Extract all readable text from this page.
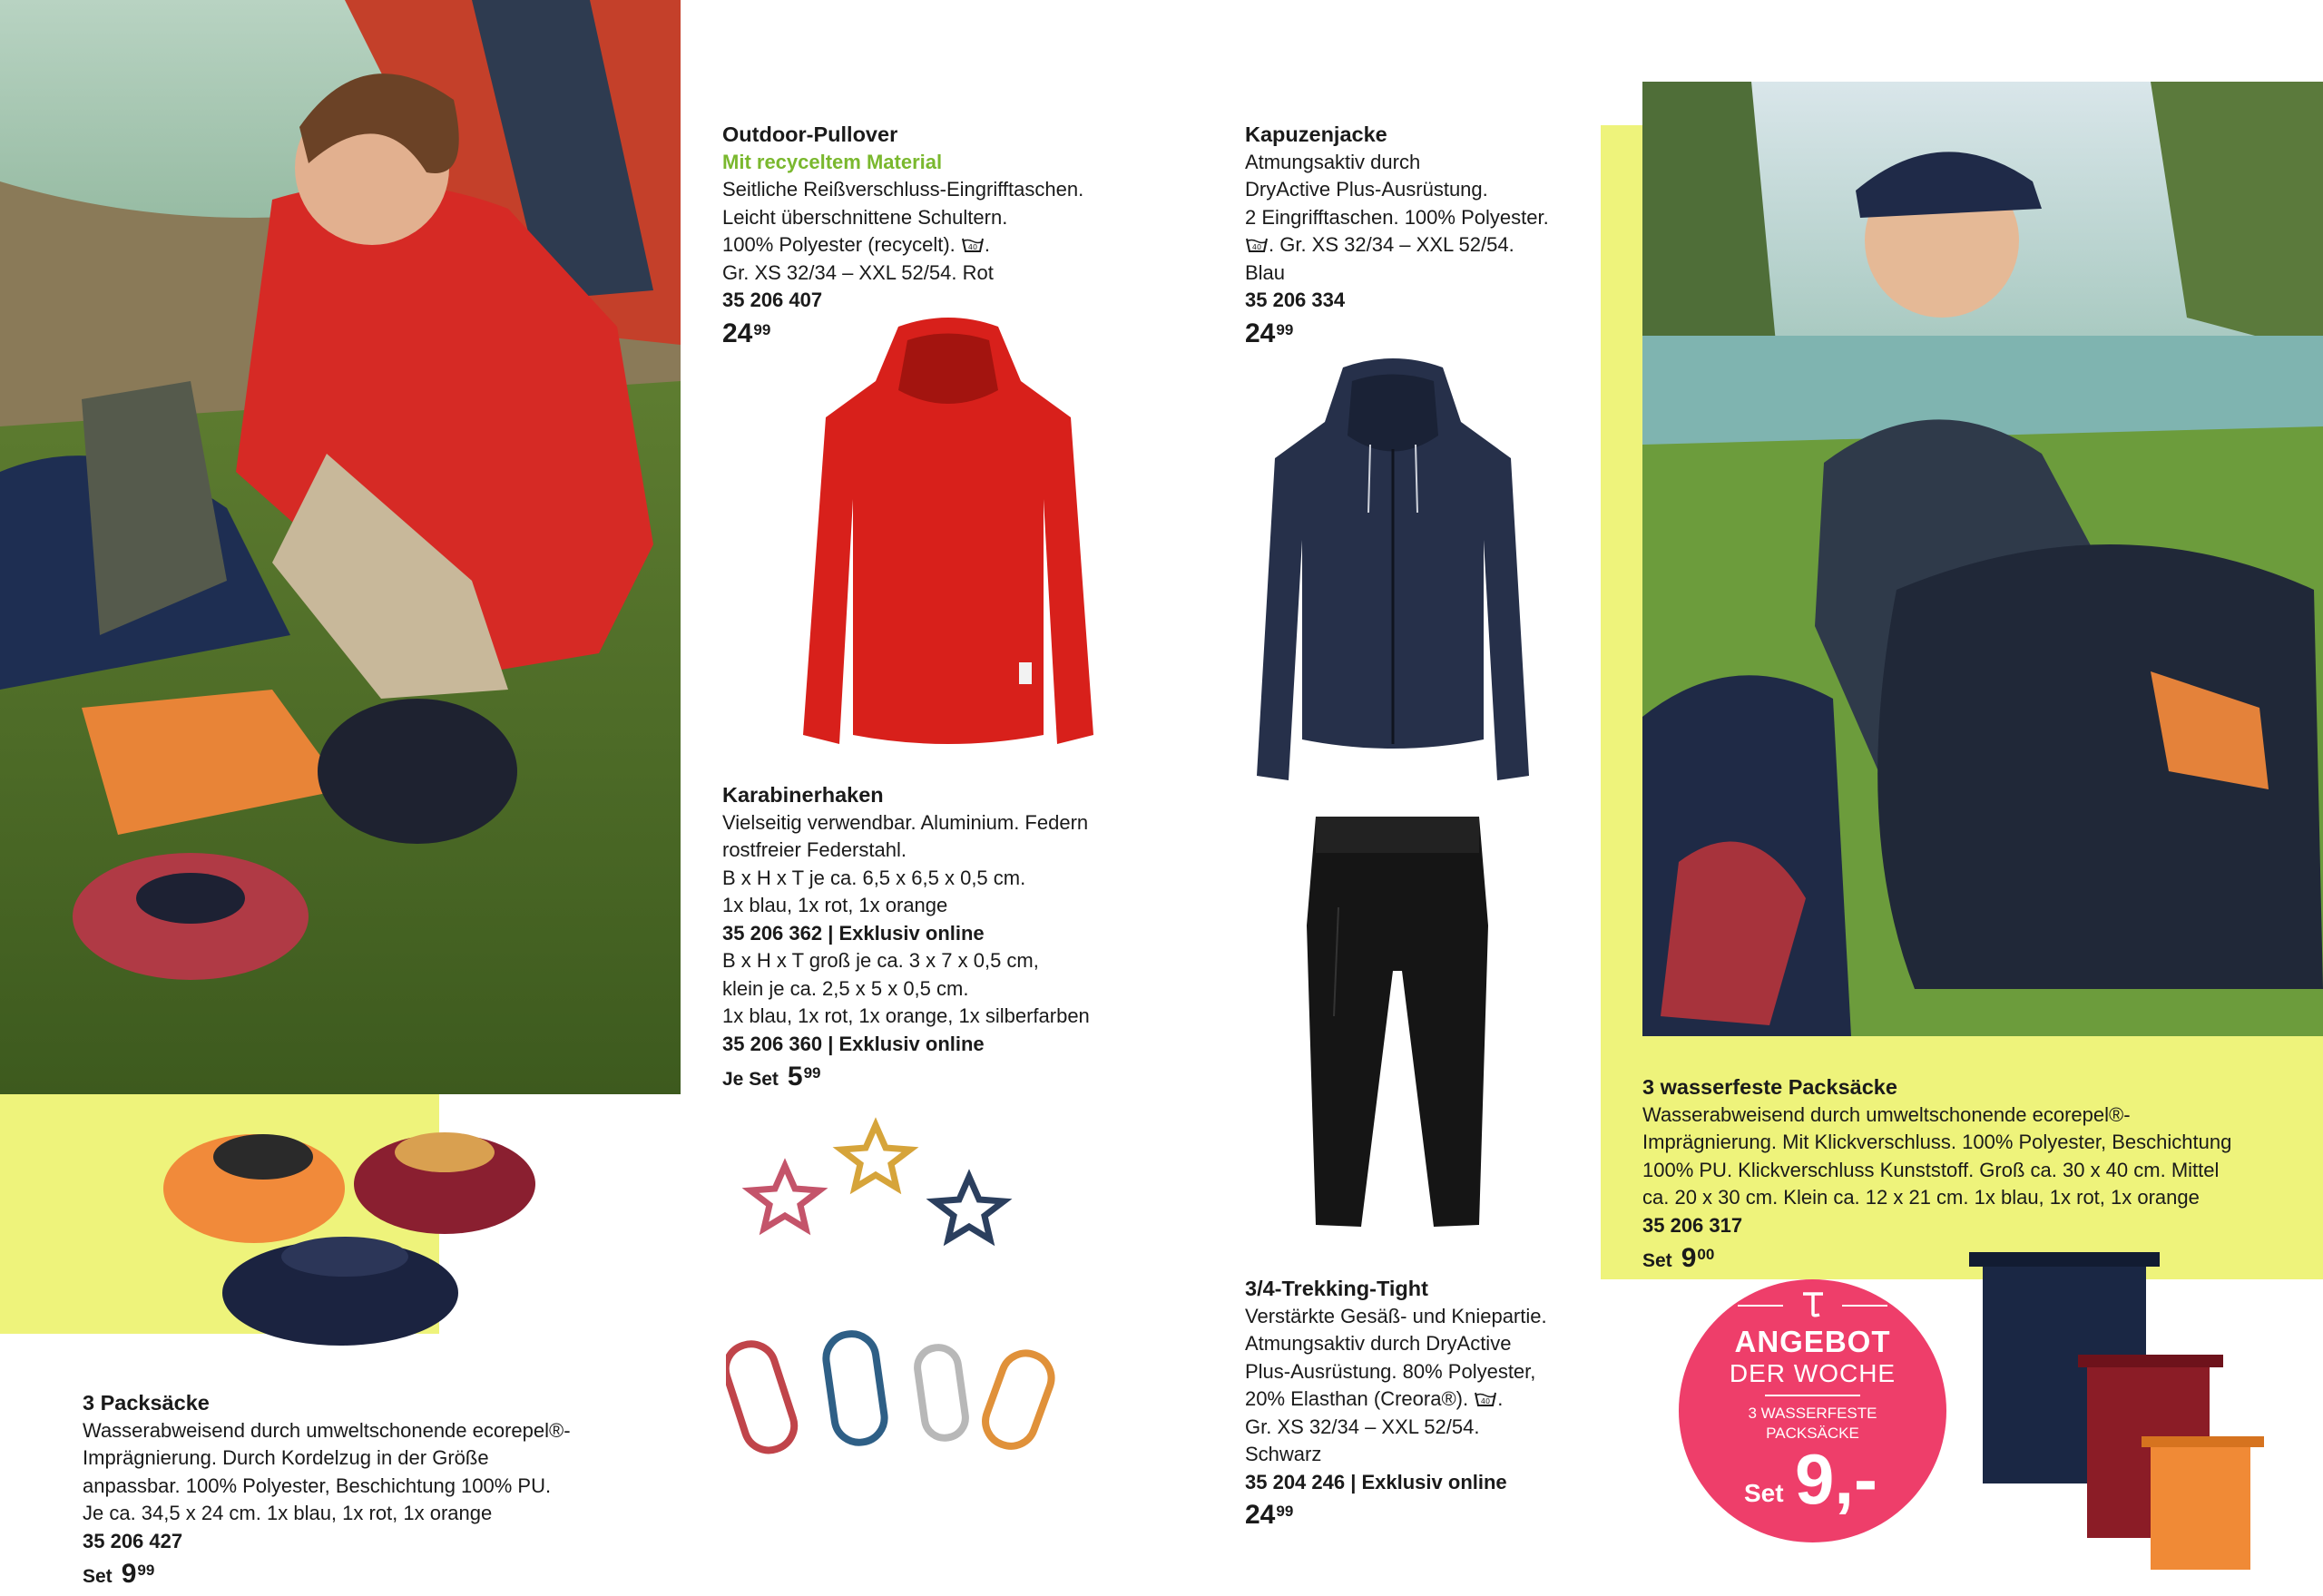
3 Packsäcke
Wasserabweisend durch umweltschonende ecorepel®-
Imprägnierung. Durch Kordelzug in der Größe
anpassbar. 100% Polyester, Beschichtung 100% PU.
Je ca. 34,5 x 24 cm. 1x blau, 1x rot, 1x orange
35 206 427
Set $9^{99}$
Outdoor-Pullover
Mit recyceltem Material
Seitliche Reißverschluss-Eingrifftaschen.
Leicht überschnittene Schultern.
100% Polyester (recycelt). 40 .
Gr. XS 32/34 – XXL 52/54. Rot
35 206 407
$24^{99}$
Karabinerhaken
Vielseitig verwendbar. Aluminium. Federn
rostfreier Federstahl.
B x H x T je ca. 6,5 x 6,5 x 0,5 cm.
1x blau, 1x rot, 1x orange
35 206 362 | Exklusiv online
B x H x T groß je ca. 3 x 7 x 0,5 cm,
klein je ca. 2,5 x 5 x 0,5 cm.
1x blau, 1x rot, 1x orange, 1x silberfarben
35 206 360 | Exklusiv online
Je Set $5^{99}$
Kapuzenjacke
Atmungsaktiv durch
DryActive Plus-Ausrüstung.
2 Eingrifftaschen. 100% Polyester.
40 . Gr. XS 32/34 – XXL 52/54.
Blau
35 206 334
$24^{99}$
3/4-Trekking-Tight
Verstärkte Gesäß- und Kniepartie.
Atmungsaktiv durch DryActive
Plus-Ausrüstung. 80% Polyester,
20% Elasthan (Creora®). 40 .
Gr. XS 32/34 – XXL 52/54.
Schwarz
35 204 246 | Exklusiv online
$24^{99}$
3 wasserfeste Packsäcke
Wasserabweisend durch umweltschonende ecorepel®-
Imprägnierung. Mit Klickverschluss. 100% Polyester, Beschichtung
100% PU. Klickverschluss Kunststoff. Groß ca. 30 x 40 cm. Mittel
ca. 20 x 30 cm. Klein ca. 12 x 21 cm. 1x blau, 1x rot, 1x orange
35 206 317
Set $9^{00}$
ANGEBOT
DER WOCHE
3 WASSERFESTE
PACKSÄCKE
Set 9,-
